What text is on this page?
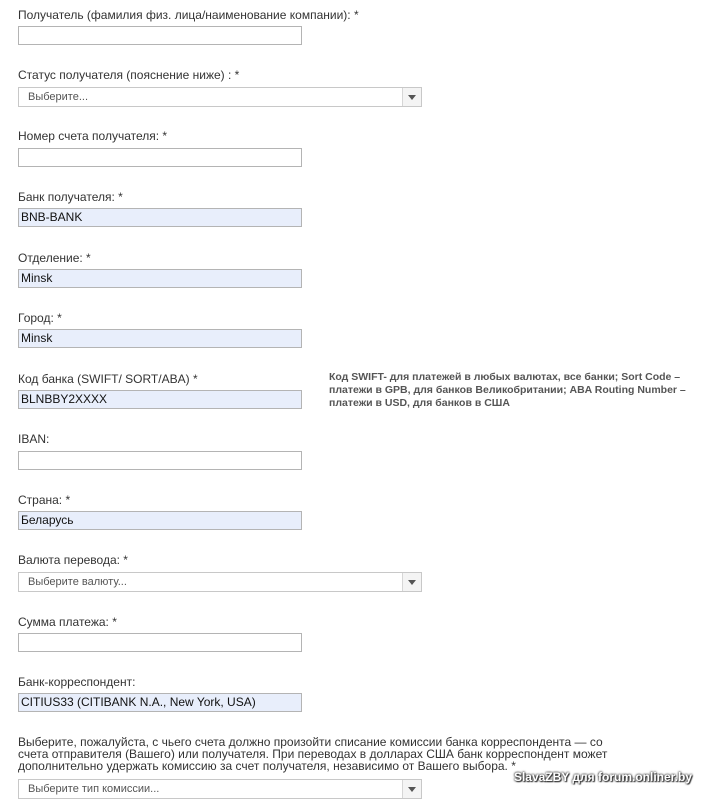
Получатель (фамилия физ. лица/наименование компании): *
Статус получателя (пояснение ниже) : *
Выберите...
Номер счета получателя: *
Банк получателя: *
BNB-BANK
Отделение: *
Minsk
Город: *
Minsk
Код банка (SWIFT/ SORT/ABA) *
BLNBBY2XXXX
Код SWIFT- для платежей в любых валютах, все банки; Sort Code – платежи в GPB, для банков Великобритании; ABA Routing Number –платежи в USD, для банков в США
IBAN:
Страна: *
Беларусь
Валюта перевода: *
Выберите валюту...
Сумма платежа: *
Банк-корреспондент:
CITIUS33 (CITIBANK N.A., New York, USA)
Выберите, пожалуйста, с чьего счета должно произойти списание комиссии банка корреспондента — со счета отправителя (Вашего) или получателя. При переводах в долларах США банк корреспондент может дополнительно удержать комиссию за счет получателя, независимо от Вашего выбора. *
Выберите тип комиссии...
SlavaZBY для forum.onliner.by
